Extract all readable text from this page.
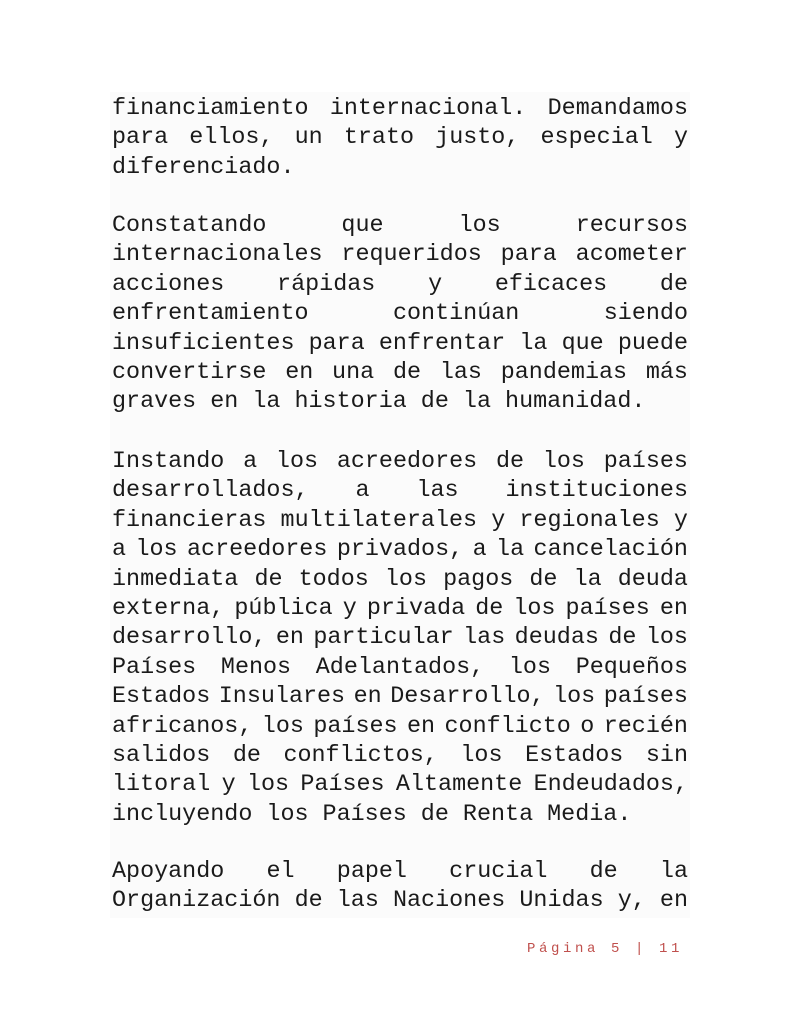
financiamiento internacional. Demandamos
para ellos, un trato justo, especial y
diferenciado.
Constatando	que	los	recursos
internacionales requeridos para acometer
acciones rápidas y eficaces de
enfrentamiento	continúan	siendo
insuficientes para enfrentar la que puede
convertirse en una de las pandemias más
graves en la historia de la humanidad.
Instando a los acreedores de los países
desarrollados, a las instituciones
financieras multilaterales y regionales y
a los acreedores privados, a la cancelación
inmediata de todos los pagos de la deuda
externa, pública y privada de los países en
desarrollo, en particular las deudas de los
Países Menos Adelantados, los Pequeños
Estados Insulares en Desarrollo, los países
africanos, los países en conflicto o recién
salidos de conflictos, los Estados sin
litoral y los Países Altamente Endeudados,
incluyendo los Países de Renta Media.
Apoyando el papel crucial de la
Organización de las Naciones Unidas y, en
Página 5 | 11
